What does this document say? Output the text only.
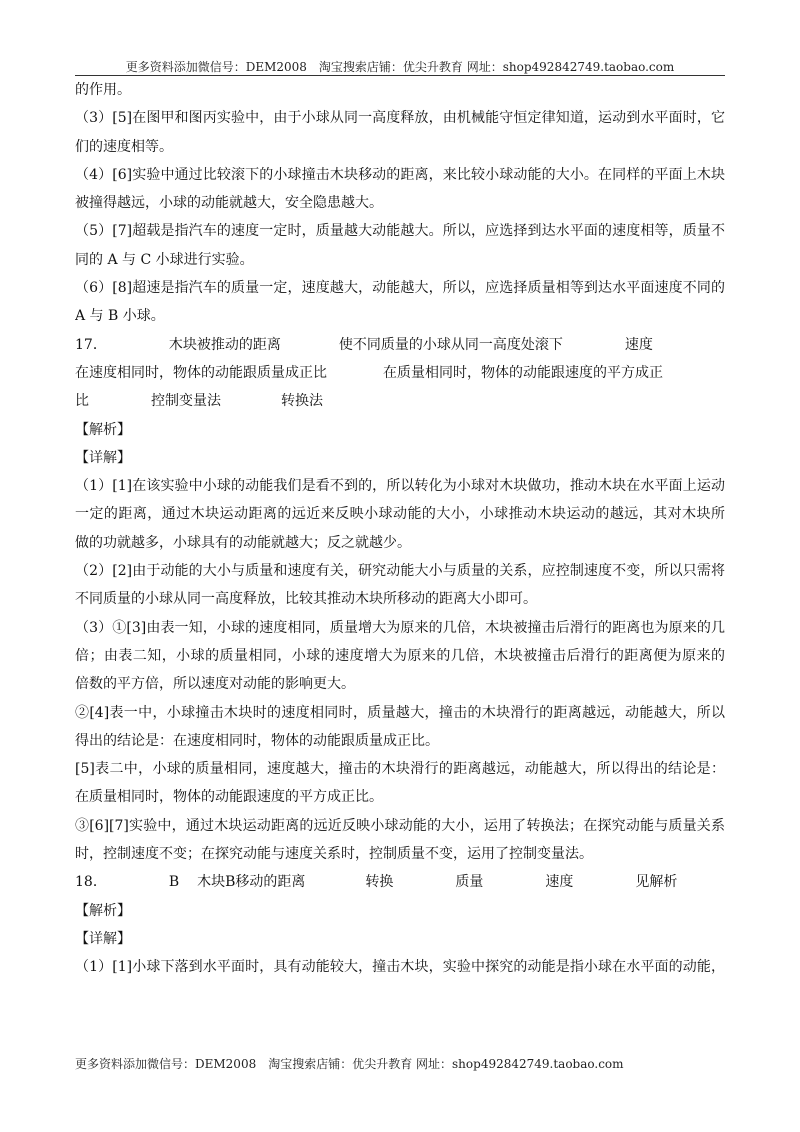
更多资料添加微信号：DEM2008　淘宝搜索店铺：优尖升教育 网址：shop492842749.taobao.com
的作用。
（3）[5]在图甲和图丙实验中，由于小球从同一高度释放，由机械能守恒定律知道，运动到水平面时，它
们的速度相等。
（4）[6]实验中通过比较滚下的小球撞击木块移动的距离，来比较小球动能的大小。在同样的平面上木块
被撞得越远，小球的动能就越大，安全隐患越大。
（5）[7]超载是指汽车的速度一定时，质量越大动能越大。所以，应选择到达水平面的速度相等，质量不
同的 A 与 C 小球进行实验。
（6）[8]超速是指汽车的质量一定，速度越大，动能越大，所以，应选择质量相等到达水平面速度不同的
A 与 B 小球。
17．	木块被推动的距离	使不同质量的小球从同一高度处滚下	速度
在速度相同时，物体的动能跟质量成正比	在质量相同时，物体的动能跟速度的平方成正
比	控制变量法	转换法
【解析】
【详解】
（1）[1]在该实验中小球的动能我们是看不到的，所以转化为小球对木块做功，推动木块在水平面上运动
一定的距离，通过木块运动距离的远近来反映小球动能的大小，小球推动木块运动的越远，其对木块所
做的功就越多，小球具有的动能就越大；反之就越少。
（2）[2]由于动能的大小与质量和速度有关，研究动能大小与质量的关系，应控制速度不变，所以只需将
不同质量的小球从同一高度释放，比较其推动木块所移动的距离大小即可。
（3）①[3]由表一知，小球的速度相同，质量增大为原来的几倍，木块被撞击后滑行的距离也为原来的几
倍；由表二知，小球的质量相同，小球的速度增大为原来的几倍，木块被撞击后滑行的距离便为原来的
倍数的平方倍，所以速度对动能的影响更大。
②[4]表一中，小球撞击木块时的速度相同时，质量越大，撞击的木块滑行的距离越远，动能越大，所以
得出的结论是：在速度相同时，物体的动能跟质量成正比。
[5]表二中，小球的质量相同，速度越大，撞击的木块滑行的距离越远，动能越大，所以得出的结论是：
在质量相同时，物体的动能跟速度的平方成正比。
③[6][7]实验中，通过木块运动距离的远近反映小球动能的大小，运用了转换法；在探究动能与质量关系
时，控制速度不变；在探究动能与速度关系时，控制质量不变，运用了控制变量法。
18．	B 木块B移动的距离	转换	质量	速度	见解析
【解析】
【详解】
（1）[1]小球下落到水平面时，具有动能较大，撞击木块，实验中探究的动能是指小球在水平面的动能，
更多资料添加微信号：DEM2008　淘宝搜索店铺：优尖升教育 网址：shop492842749.taobao.com
